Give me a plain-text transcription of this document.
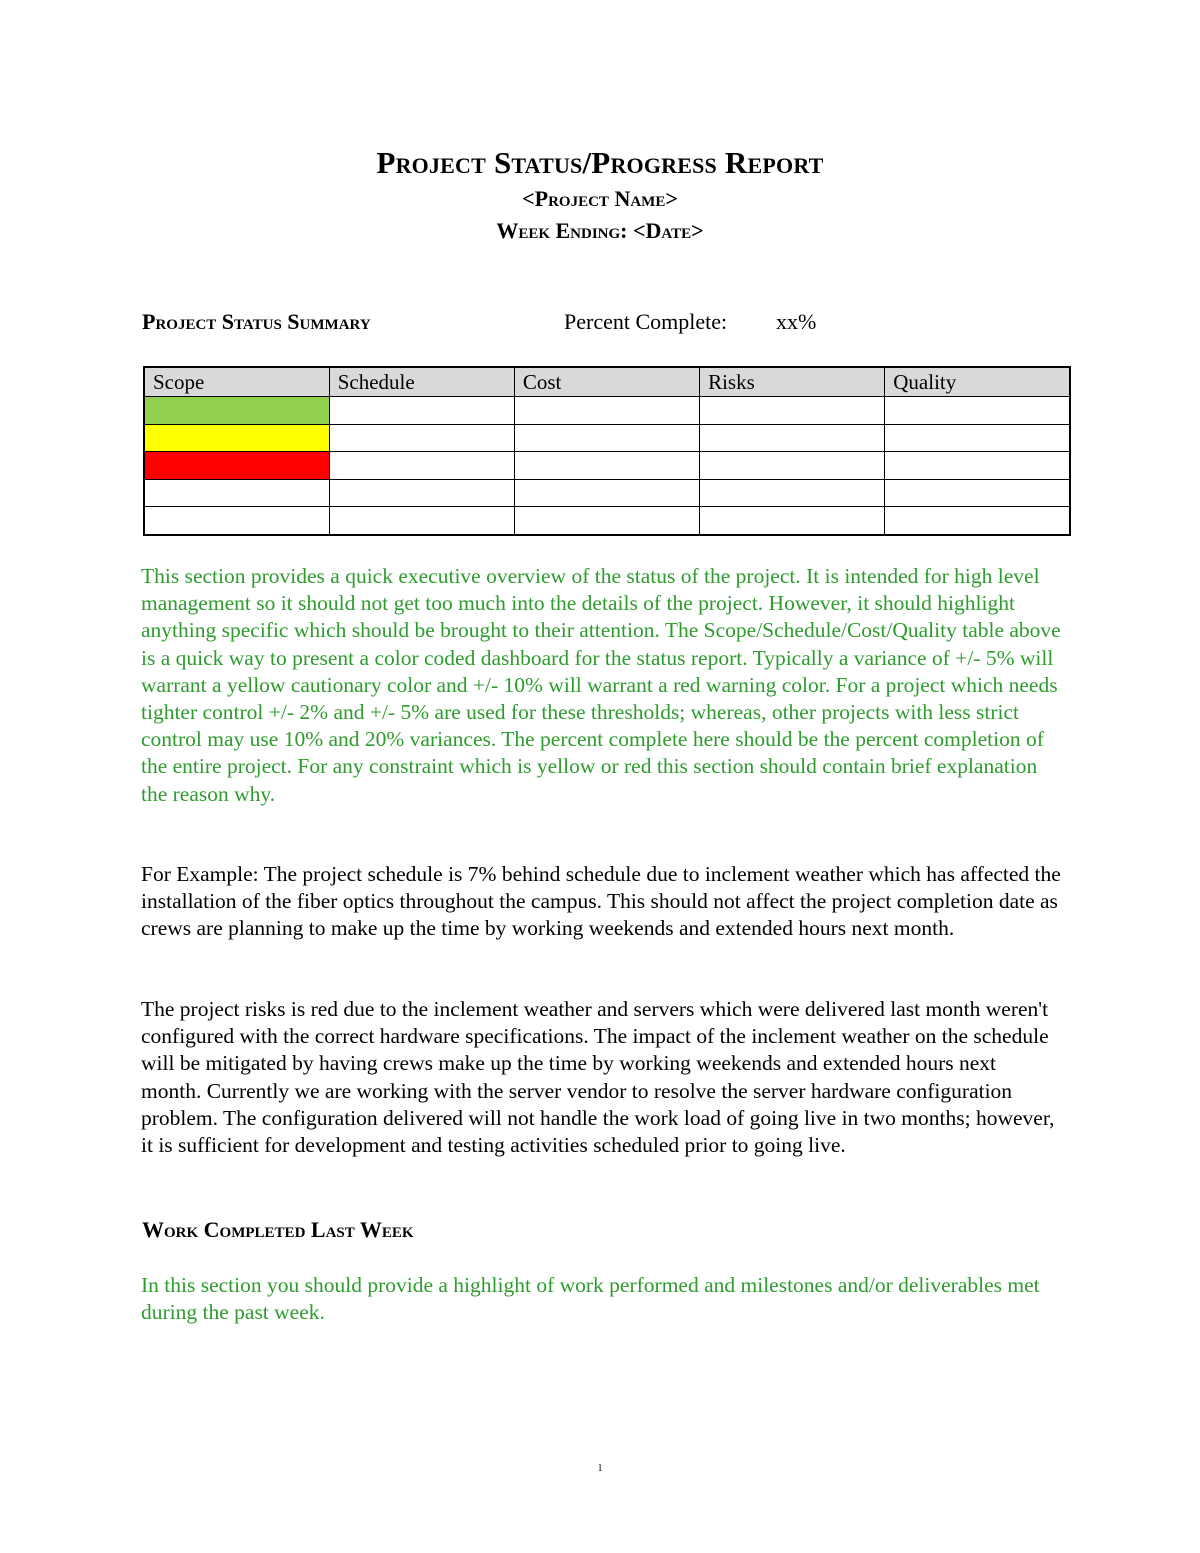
Project Status/Progress Report
<Project Name>
Week Ending: <Date>
Project Status Summary	Percent Complete: xx%
Scope	Schedule	Cost	Risks	Quality

This section provides a quick executive overview of the status of the project. It is intended for high level management so it should not get too much into the details of the project. However, it should highlight anything specific which should be brought to their attention. The Scope/Schedule/Cost/Quality table above is a quick way to present a color coded dashboard for the status report. Typically a variance of +/- 5% will warrant a yellow cautionary color and +/- 10% will warrant a red warning color. For a project which needs tighter control +/- 2% and +/- 5% are used for these thresholds; whereas, other projects with less strict control may use 10% and 20% variances. The percent complete here should be the percent completion of the entire project. For any constraint which is yellow or red this section should contain brief explanation the reason why.

For Example: The project schedule is 7% behind schedule due to inclement weather which has affected the installation of the fiber optics throughout the campus. This should not affect the project completion date as crews are planning to make up the time by working weekends and extended hours next month.

The project risks is red due to the inclement weather and servers which were delivered last month weren't configured with the correct hardware specifications. The impact of the inclement weather on the schedule will be mitigated by having crews make up the time by working weekends and extended hours next month. Currently we are working with the server vendor to resolve the server hardware configuration problem. The configuration delivered will not handle the work load of going live in two months; however, it is sufficient for development and testing activities scheduled prior to going live.

Work Completed Last Week

In this section you should provide a highlight of work performed and milestones and/or deliverables met during the past week.

1
